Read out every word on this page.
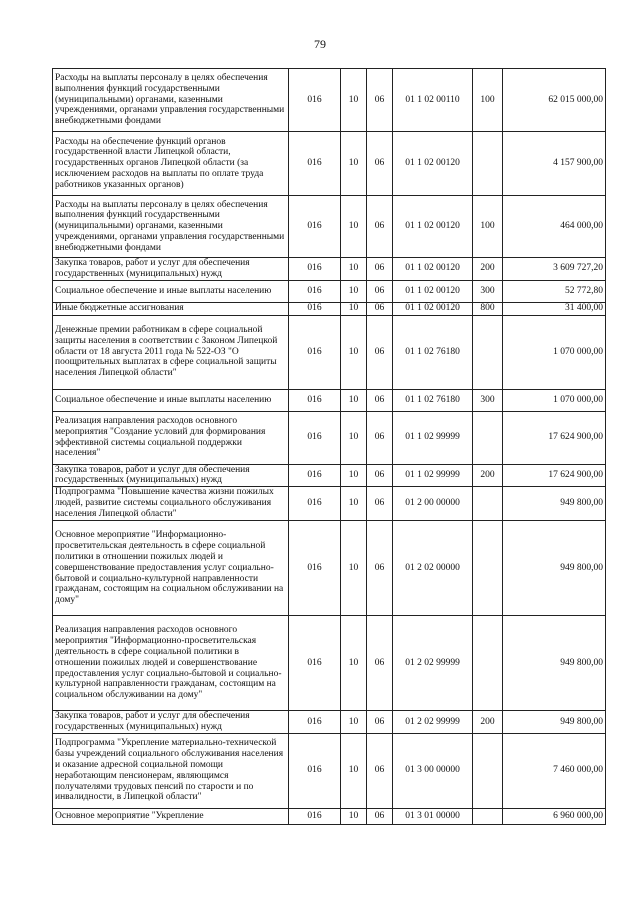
79
Расходы на выплаты персоналу в целях обеспечения выполнения функций государственными (муниципальными) органами, казенными учреждениями, органами управления государственными внебюджетными фондами	016	10	06	01 1 02 00110	100	62 015 000,00
Расходы на обеспечение функций органов государственной власти Липецкой области, государственных органов Липецкой области (за исключением расходов на выплаты по оплате труда работников указанных органов)	016	10	06	01 1 02 00120		4 157 900,00
Расходы на выплаты персоналу в целях обеспечения выполнения функций государственными (муниципальными) органами, казенными учреждениями, органами управления государственными внебюджетными фондами	016	10	06	01 1 02 00120	100	464 000,00
Закупка товаров, работ и услуг для обеспечения государственных (муниципальных) нужд	016	10	06	01 1 02 00120	200	3 609 727,20
Социальное обеспечение и иные выплаты населению	016	10	06	01 1 02 00120	300	52 772,80
Иные бюджетные ассигнования	016	10	06	01 1 02 00120	800	31 400,00
Денежные премии работникам в сфере социальной защиты населения в соответствии с Законом Липецкой области от 18 августа 2011 года № 522-ОЗ "О поощрительных выплатах в сфере социальной защиты населения Липецкой области"	016	10	06	01 1 02 76180		1 070 000,00
Социальное обеспечение и иные выплаты населению	016	10	06	01 1 02 76180	300	1 070 000,00
Реализация направления расходов основного мероприятия "Создание условий для формирования эффективной системы социальной поддержки населения"	016	10	06	01 1 02 99999		17 624 900,00
Закупка товаров, работ и услуг для обеспечения государственных (муниципальных) нужд	016	10	06	01 1 02 99999	200	17 624 900,00
Подпрограмма "Повышение качества жизни пожилых людей, развитие системы социального обслуживания населения Липецкой области"	016	10	06	01 2 00 00000		949 800,00
Основное мероприятие "Информационно-просветительская деятельность в сфере социальной политики в отношении пожилых людей и совершенствование предоставления услуг социально-бытовой и социально-культурной направленности гражданам, состоящим на социальном обслуживании на дому"	016	10	06	01 2 02 00000		949 800,00
Реализация направления расходов основного мероприятия "Информационно-просветительская деятельность в сфере социальной политики в отношении пожилых людей и совершенствование предоставления услуг социально-бытовой и социально-культурной направленности гражданам, состоящим на социальном обслуживании на дому"	016	10	06	01 2 02 99999		949 800,00
Закупка товаров, работ и услуг для обеспечения государственных (муниципальных) нужд	016	10	06	01 2 02 99999	200	949 800,00
Подпрограмма "Укрепление материально-технической базы учреждений социального обслуживания населения и оказание адресной социальной помощи неработающим пенсионерам, являющимся получателями трудовых пенсий по старости и по инвалидности, в Липецкой области"	016	10	06	01 3 00 00000		7 460 000,00
Основное мероприятие "Укрепление	016	10	06	01 3 01 00000		6 960 000,00
